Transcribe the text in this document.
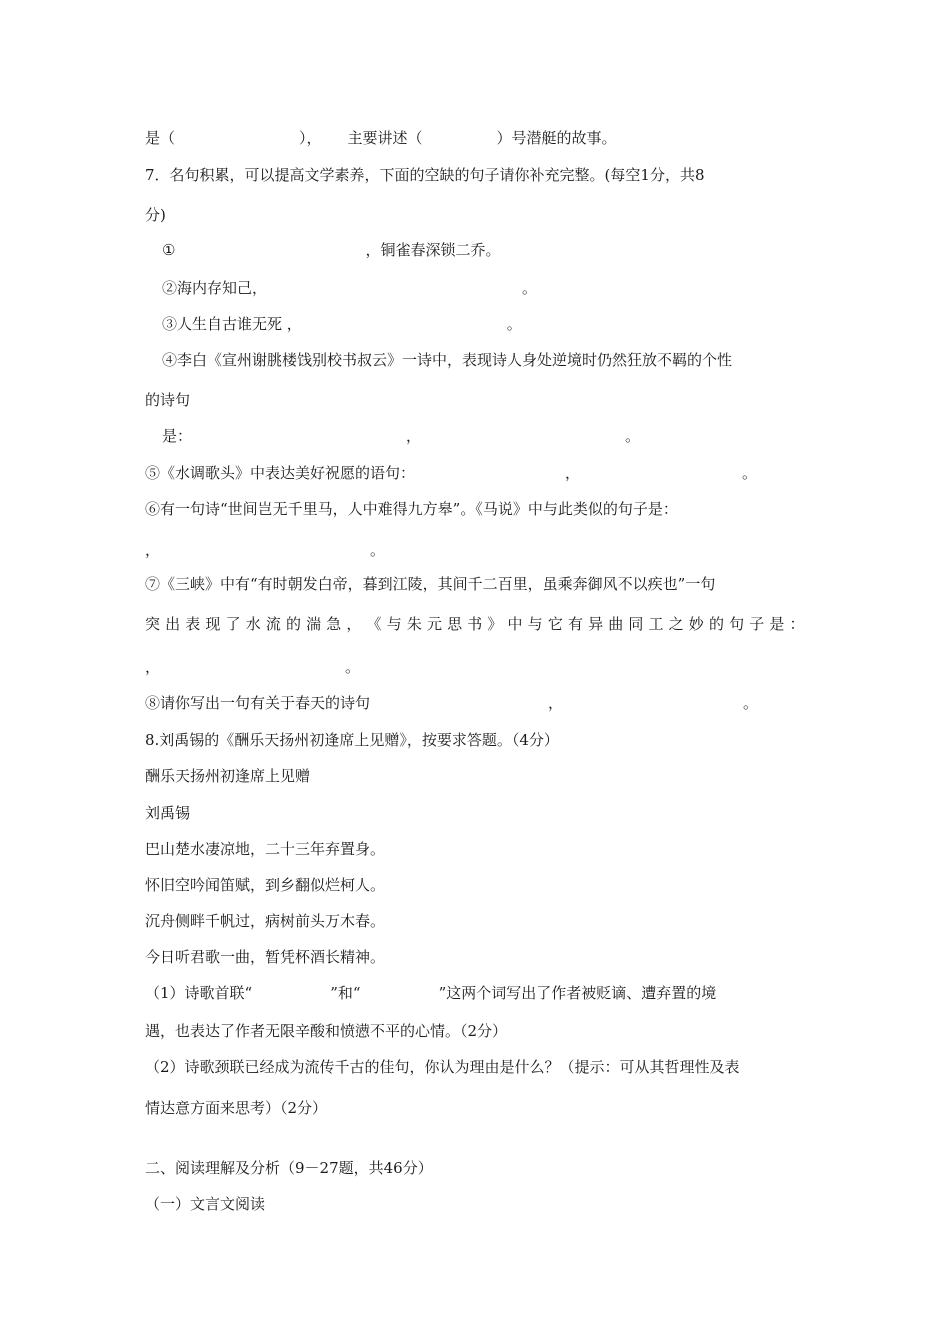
是（	）， 主要讲述（	）号潜艇的故事。
7．名句积累，可以提高文学素养，下面的空缺的句子请你补充完整。(每空1分，共8
分)
①	，铜雀春深锁二乔。
②海内存知己，	。
③人生自古谁无死 ，	。
④李白《宣州谢朓楼饯别校书叔云》一诗中，表现诗人身处逆境时仍然狂放不羁的个性
的诗句
是：	，	。
⑤《水调歌头》中表达美好祝愿的语句：	，	。
⑥有一句诗“世间岂无千里马，人中难得九方皋”。《马说》中与此类似的句子是：
，	。
⑦《三峡》中有“有时朝发白帝，暮到江陵，其间千二百里，虽乘奔御风不以疾也”一句
突 出 表 现 了 水 流 的 湍 急 ， 《 与 朱 元 思 书 》 中 与 它 有 异 曲 同 工 之 妙 的 句 子 是 ：
，	。
⑧请你写出一句有关于春天的诗句	，	。
8.刘禹锡的《酬乐天扬州初逢席上见赠》，按要求答题。（4分）
酬乐天扬州初逢席上见赠
刘禹锡
巴山楚水凄凉地，二十三年弃置身。
怀旧空吟闻笛赋，到乡翻似烂柯人。
沉舟侧畔千帆过，病树前头万木春。
今日听君歌一曲，暂凭杯酒长精神。
（1）诗歌首联“	”和“	”这两个词写出了作者被贬谪、遭弃置的境
遇，也表达了作者无限辛酸和愤懑不平的心情。（2分）
（2）诗歌颈联已经成为流传千古的佳句，你认为理由是什么？（提示：可从其哲理性及表
情达意方面来思考）（2分）
二、阅读理解及分析（9－27题，共46分）
（一）文言文阅读
